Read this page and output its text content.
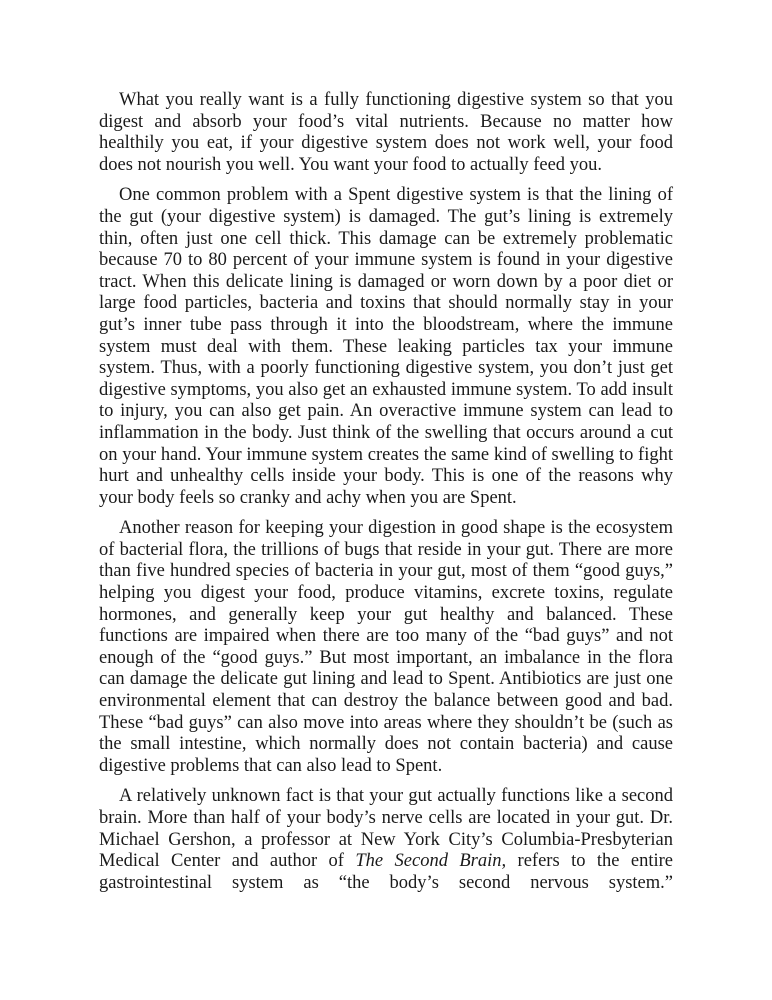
What you really want is a fully functioning digestive system so that you digest and absorb your food’s vital nutrients. Because no matter how healthily you eat, if your digestive system does not work well, your food does not nourish you well. You want your food to actually feed you.

One common problem with a Spent digestive system is that the lining of the gut (your digestive system) is damaged. The gut’s lining is extremely thin, often just one cell thick. This damage can be extremely problematic because 70 to 80 percent of your immune system is found in your digestive tract. When this delicate lining is damaged or worn down by a poor diet or large food particles, bacteria and toxins that should normally stay in your gut’s inner tube pass through it into the bloodstream, where the immune system must deal with them. These leaking particles tax your immune system. Thus, with a poorly functioning digestive system, you don’t just get digestive symptoms, you also get an exhausted immune system. To add insult to injury, you can also get pain. An overactive immune system can lead to inflammation in the body. Just think of the swelling that occurs around a cut on your hand. Your immune system creates the same kind of swelling to fight hurt and unhealthy cells inside your body. This is one of the reasons why your body feels so cranky and achy when you are Spent.

Another reason for keeping your digestion in good shape is the ecosystem of bacterial flora, the trillions of bugs that reside in your gut. There are more than five hundred species of bacteria in your gut, most of them “good guys,” helping you digest your food, produce vitamins, excrete toxins, regulate hormones, and generally keep your gut healthy and balanced. These functions are impaired when there are too many of the “bad guys” and not enough of the “good guys.” But most important, an imbalance in the flora can damage the delicate gut lining and lead to Spent. Antibiotics are just one environmental element that can destroy the balance between good and bad. These “bad guys” can also move into areas where they shouldn’t be (such as the small intestine, which normally does not contain bacteria) and cause digestive problems that can also lead to Spent.

A relatively unknown fact is that your gut actually functions like a second brain. More than half of your body’s nerve cells are located in your gut. Dr. Michael Gershon, a professor at New York City’s Columbia-Presbyterian Medical Center and author of The Second Brain, refers to the entire gastrointestinal system as “the body’s second nervous system.”
